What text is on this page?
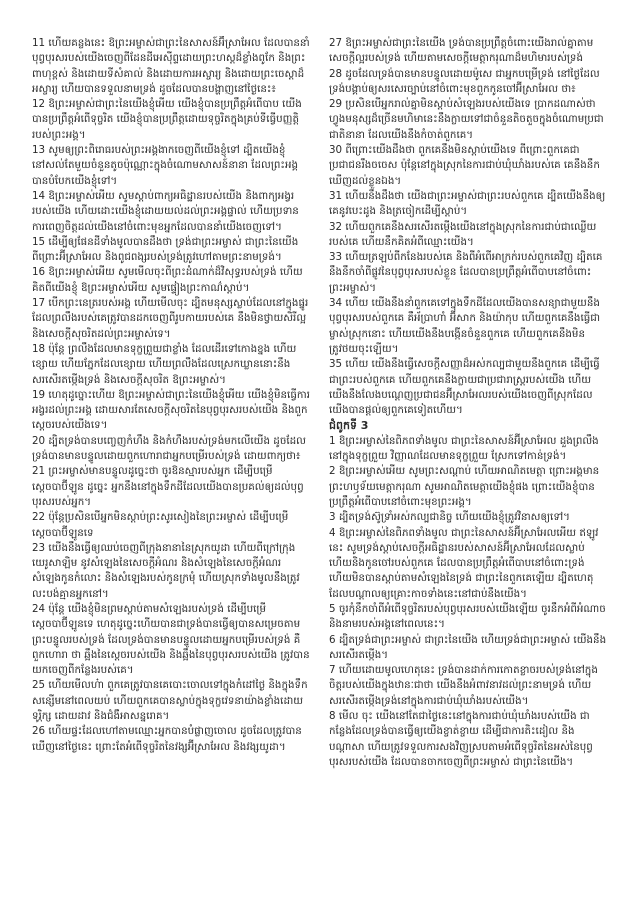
11 ហើយគន្លងនេះ ឱព្រះអម្ចាស់ជាព្រះនៃសាសន៍អ៊ីស្រាអែល ដែលបាននាំបុព្វបុរសរបស់យើងចេញពីដែនដីអេស៊ីព្ទដោយព្រះហស្តដ៏ខ្លាំងពូកែ និងព្រះពាហុខ្ពស់ និងដោយទីសំគាល់ និងដោយការអស្ចារ្យ និងដោយព្រះចេស្តាដ៏អស្ចារ្យ ហើយបានទទួលនាមទ្រង់ ដូចដែលបានបង្ហាញនៅថ្ងៃនេះ៖

12 ឱព្រះអម្ចាស់ជាព្រះនៃយើងខ្ញុំអើយ យើងខ្ញុំបានប្រព្រឹត្តអំពើបាប យើងបានប្រព្រឹត្តអំពើទុច្ចរិត យើងខ្ញុំបានប្រព្រឹត្តដោយទុច្ចរិតក្នុងគ្រប់ទីធ្វើបញ្ញត្តិរបស់ព្រះអង្គ។

13 សូមឲ្យព្រះពិរោធរបស់ព្រះអង្គងាកចេញពីយើងខ្ញុំទៅ ដ្បិតយើងខ្ញុំនៅសល់តែមួយចំនួនតូចប៉ុណ្ណោះក្នុងចំណោមសាសន៍នានា ដែលព្រះអង្គបានបំបែកយើងខ្ញុំទៅ។

14 ឱព្រះអម្ចាស់អើយ សូមស្តាប់ពាក្យអធិដ្ឋានរបស់យើង និងពាក្យអង្វររបស់យើង ហើយដោះយើងខ្ញុំដោយយល់ដល់ព្រះអង្គផ្ទាល់ ហើយប្រទានការពេញចិត្តដល់យើងនៅចំពោះមុខអ្នកដែលបាននាំយើងចេញទៅ។

15 ដើម្បីឲ្យផែនដីទាំងមូលបានដឹងថា ទ្រង់ជាព្រះអម្ចាស់ ជាព្រះនៃយើង ពីព្រោះអ៊ីស្រាអែល និងពូជពង្សរបស់ទ្រង់ត្រូវហៅតាមព្រះនាមទ្រង់។

16 ឱព្រះអម្ចាស់អើយ សូមមើលចុះពីព្រះដំណាក់ដ៏វិសុទ្ធរបស់ទ្រង់ ហើយគិតពីយើងខ្ញុំ ឱព្រះអម្ចាស់អើយ សូមផ្ទៀងព្រះកាណ៌ស្តាប់។

17 បើកព្រះនេត្ររបស់អង្គ ហើយមើលចុះ ដ្បិតមនុស្សស្លាប់ដែលនៅក្នុងផ្នូរ ដែលព្រលឹងរបស់គេត្រូវបានដកចេញពីរូបកាយរបស់គេ នឹងមិនថ្វាយសិរីល្អ និងសេចក្តីសុចរិតដល់ព្រះអម្ចាស់ទេ។

18 ប៉ុន្តែ ព្រលឹងដែលមានទុក្ខព្រួយជាខ្លាំង ដែលដើរទៅកោងខ្នង ហើយខ្សោយ ហើយភ្នែកដែលខ្សោយ ហើយព្រលឹងដែលស្រេកឃ្លាននោះនឹងសរសើរតម្កើងទ្រង់ និងសេចក្តីសុចរិត ឱព្រះអម្ចាស់។

19 ហេតុដូច្នោះហើយ ឱព្រះអម្ចាស់ជាព្រះនៃយើងខ្ញុំអើយ យើងខ្ញុំមិនធ្វើការអង្វរដល់ព្រះអង្គ ដោយសារតែសេចក្តីសុចរិតនៃបុព្វបុរសរបស់យើង និងពួកស្តេចរបស់យើងទេ។

20 ដ្បិតទ្រង់បានបញ្ចេញកំហឹង និងកំហឹងរបស់ទ្រង់មកលើយើង ដូចដែលទ្រង់បានមានបន្ទូលដោយពួកហោរាជាអ្នកបម្រើរបស់ទ្រង់ ដោយពាក្យថា៖

21 ព្រះអម្ចាស់មានបន្ទូលដូច្នេះថា ចូរឱនស្មារបស់អ្នក ដើម្បីបម្រើស្តេចបាប៊ីឡូន ដូច្នេះ អ្នកនឹងនៅក្នុងទឹកដីដែលយើងបានប្រគល់ឲ្យដល់បុព្វបុរសរបស់អ្នក។

22 ប៉ុន្តែប្រសិនបើអ្នកមិនស្តាប់ព្រះសូរសៀងនៃព្រះអម្ចាស់ ដើម្បីបម្រើស្តេចបាប៊ីឡូនទេ

23 យើងនឹងធ្វើឲ្យឈប់ចេញពីក្រុងនានានៃស្រុកយូដា ហើយពីក្រៅក្រុងយេរូសាឡិម នូវសំឡេងនៃសេចក្តីអំណរ និងសំឡេងនៃសេចក្តីអំណរ សំឡេងកូនកំលោះ និងសំឡេងរបស់កូនក្រមុំ ហើយស្រុកទាំងមូលនឹងត្រូវលះបង់គ្មានអ្នកនៅ។

24 ប៉ុន្តែ យើងខ្ញុំមិនព្រមស្តាប់តាមសំឡេងរបស់ទ្រង់ ដើម្បីបម្រើស្តេចបាប៊ីឡូនទេ ហេតុដូច្នេះហើយបានជាទ្រង់បានធ្វើឲ្យបានសម្រេចតាមព្រះបន្ទូលរបស់ទ្រង់ ដែលទ្រង់បានមានបន្ទូលដោយអ្នកបម្រើរបស់ទ្រង់ គឺពួកហោរា ថា ឆ្អឹងនៃស្តេចរបស់យើង និងឆ្អឹងនៃបុព្វបុរសរបស់យើង ត្រូវបានយកចេញពីកន្លែងរបស់គេ។

25 ហើយមើលហ៎ា ពួកគេត្រូវបានគេបោះចោលទៅក្នុងកំដៅថ្ងៃ និងក្នុងទឹកសន្សើមនៅពេលយប់ ហើយពួកគេបានស្លាប់ក្នុងទុក្ខវេទនាយ៉ាងខ្លាំងដោយទុរ្ភិក្ស ដោយដាវ និងជំងឺអាសន្នរោគ។

26 ហើយផ្ទះដែលហៅតាមឈ្មោះអ្នកបានបំផ្លាញចោល ដូចដែលត្រូវបានឃើញនៅថ្ងៃនេះ ព្រោះតែអំពើទុច្ចរិតនៃវង្សអ៊ីស្រាអែល និងវង្សយូដា។

27 ឱព្រះអម្ចាស់ជាព្រះនៃយើង ទ្រង់បានប្រព្រឹត្តចំពោះយើងរាល់គ្នាតាមសេចក្តីល្អរបស់ទ្រង់ ហើយតាមសេចក្តីមេត្តាករុណាដ៏មហិមារបស់ទ្រង់

28 ដូចដែលទ្រង់បានមានបន្ទូលដោយម៉ូសេ ជាអ្នកបម្រើទ្រង់ នៅថ្ងៃដែលទ្រង់បង្គាប់ឲ្យសរសេរច្បាប់នៅចំពោះមុខពួកកូនចៅអ៊ីស្រាអែល ថា៖

29 ប្រសិនបើអ្នករាល់គ្នាមិនស្តាប់សំឡេងរបស់យើងទេ ប្រាកដណាស់ថាហ្វូងមនុស្សដ៏ច្រើនមហិមានេះនឹងក្លាយទៅជាចំនួនតិចតួចក្នុងចំណោមប្រជាជាតិនានា ដែលយើងនឹងកំចាត់ពួកគេ។

30 ពីព្រោះយើងដឹងថា ពួកគេនឹងមិនស្តាប់យើងទេ ពីព្រោះពួកគេជាប្រជាជនរឹងចចេស ប៉ុន្តែនៅក្នុងស្រុកនៃការជាប់ឃុំឃាំងរបស់គេ គេនឹងនឹកឃើញដល់ខ្លួនឯង។

31 ហើយនឹងដឹងថា យើងជាព្រះអម្ចាស់ជាព្រះរបស់ពួកគេ ដ្បិតយើងនឹងឲ្យគេនូវបេះដូង និងត្រចៀកដើម្បីស្តាប់។

32 ហើយពួកគេនឹងសរសើរតម្កើងយើងនៅក្នុងស្រុកនៃការជាប់ជាឈ្លើយរបស់គេ ហើយនឹកគិតអំពីឈ្មោះយើង។

33 ហើយត្រឡប់ពីកនែងរបស់គេ និងពីអំពើអាក្រក់របស់ពួកគេវិញ ដ្បិតគេនឹងនឹកចាំពីផ្លូវនៃបុព្វបុរសរបស់ខ្លួន ដែលបានប្រព្រឹត្តអំពើបាបនៅចំពោះព្រះអម្ចាស់។

34 ហើយ យើងនឹងនាំពួកគេទៅក្នុងទឹកដីដែលយើងបានសន្យាជាមួយនឹងបុព្វបុរសរបស់ពួកគេ គឺអ័ប្រាហាំ អ៊ីសាក និងយ៉ាកុប ហើយពួកគេនឹងធ្វើជាម្ចាស់ស្រុកនោះ ហើយយើងនឹងបង្កើនចំនួនពួកគេ ហើយពួកគេនឹងមិនត្រូវថយចុះឡើយ។

35 ហើយ យើងនឹងធ្វើសេចក្តីសញ្ញាដ៏អស់កល្បជាមួយនឹងពួកគេ ដើម្បីធ្វើជាព្រះរបស់ពួកគេ ហើយពួកគេនឹងក្លាយជាប្រជារាស្ត្ររបស់យើង ហើយយើងនឹងលែងបណ្តេញប្រជាជនអ៊ីស្រាអែលរបស់យើងចេញពីស្រុកដែលយើងបានផ្តល់ឲ្យពួកគេទៀតហើយ។

ជំពូកទី 3

1 ឱព្រះអម្ចាស់នៃពិភពទាំងមូល ជាព្រះនៃសាសន៍អ៊ីស្រាអែល ដួងព្រលឹងនៅក្នុងទុក្ខព្រួយ វិញ្ញាណដែលមានទុក្ខព្រួយ ស្រែកទៅកាន់ទ្រង់។

2 ឱព្រះអម្ចាស់អើយ សូមព្រះសណ្តាប់ ហើយអាណិតមេត្តា ព្រោះអង្គមានព្រះហឫទ័យមេត្តាករុណា សូមអាណិតមេត្តាយើងខ្ញុំផង ព្រោះយើងខ្ញុំបានប្រព្រឹត្តអំពើបាបនៅចំពោះមុខព្រះអង្គ។

3 ដ្បិតទ្រង់ស៊ូទ្រាំអស់កល្បជានិច្ច ហើយយើងខ្ញុំត្រូវវិនាសឲ្យទៅ។

4 ឱព្រះអម្ចាស់នៃពិភពទាំងមូល ជាព្រះនៃសាសន៍អ៊ីស្រាអែលអើយ ឥឡូវនេះ សូមទ្រង់ស្តាប់សេចក្តីអធិដ្ឋានរបស់សាសន៍អ៊ីស្រាអែលដែលស្លាប់ ហើយនិងកូនចៅរបស់ពួកគេ ដែលបានប្រព្រឹត្តអំពើបាបនៅចំពោះទ្រង់ ហើយមិនបានស្តាប់តាមសំឡេងនៃទ្រង់ ជាព្រះនៃពួកគេឡើយ ដ្បិតហេតុដែលបណ្តាលឲ្យគ្រោះកាចទាំងនេះនៅជាប់នឹងយើង។

5 ចូរកុំនឹកចាំពីអំពើទុច្ចរិតរបស់បុព្វបុរសរបស់យើងឡើយ ចូរនឹកអំពីអំណាច និងនាមរបស់អង្គនៅពេលនេះ។

6 ដ្បិតទ្រង់ជាព្រះអម្ចាស់ ជាព្រះនៃយើង ហើយទ្រង់ជាព្រះអម្ចាស់ យើងនឹងសរសើរតម្កើង។

7 ហើយដោយមូលហេតុនេះ ទ្រង់បានដាក់ការកោតខ្លាចរបស់ទ្រង់នៅក្នុងចិត្តរបស់យើងក្នុងឋានៈជាថា យើងនឹងអំពាវនាវដល់ព្រះនាមទ្រង់ ហើយសរសើរតម្កើងទ្រង់នៅក្នុងការជាប់ឃុំឃាំងរបស់យើង។

8 មើល ចុះ យើងនៅតែជាថ្ងៃនេះនៅក្នុងការជាប់ឃុំឃាំងរបស់យើង ជាកន្លែងដែលទ្រង់បានធ្វើឲ្យយើងខ្ចាត់ខ្ចាយ ដើម្បីជាការតិះដៀល និងបណ្តាសា ហើយត្រូវទទួលការសងវិញស្របតាមអំពើទុច្ចរិតនៃអស់នៃបុព្វបុរសរបស់យើង ដែលបានចាកចេញពីព្រះអម្ចាស់ ជាព្រះនៃយើង។
